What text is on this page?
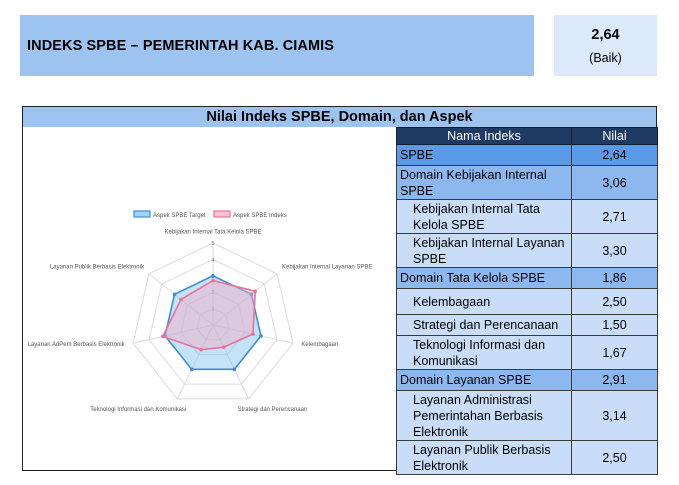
INDEKS SPBE – PEMERINTAH KAB. CIAMIS
2,64
(Baik)
Nilai Indeks SPBE, Domain, dan Aspek
1
2
4
5
Kebijakan Internal Tata Kelola SPBE
Kebijakan Internal Layanan SPBE
Kelembagaan
Strategi dan Perencanaan
Teknologi Informasi dan Komunikasi
Layanan AdPem Berbasis Elektronik
Layanan Publik Berbasis Elektronik
Aspek SPBE Target	Aspek SPBE Indeks
Nama Indeks	Nilai
SPBE	2,64
Domain Kebijakan Internal SPBE	3,06
Kebijakan Internal Tata Kelola SPBE	2,71
Kebijakan Internal Layanan SPBE	3,30
Domain Tata Kelola SPBE	1,86
Kelembagaan	2,50
Strategi dan Perencanaan	1,50
Teknologi Informasi dan Komunikasi	1,67
Domain Layanan SPBE	2,91
Layanan Administrasi Pemerintahan Berbasis Elektronik	3,14
Layanan Publik Berbasis Elektronik	2,50
